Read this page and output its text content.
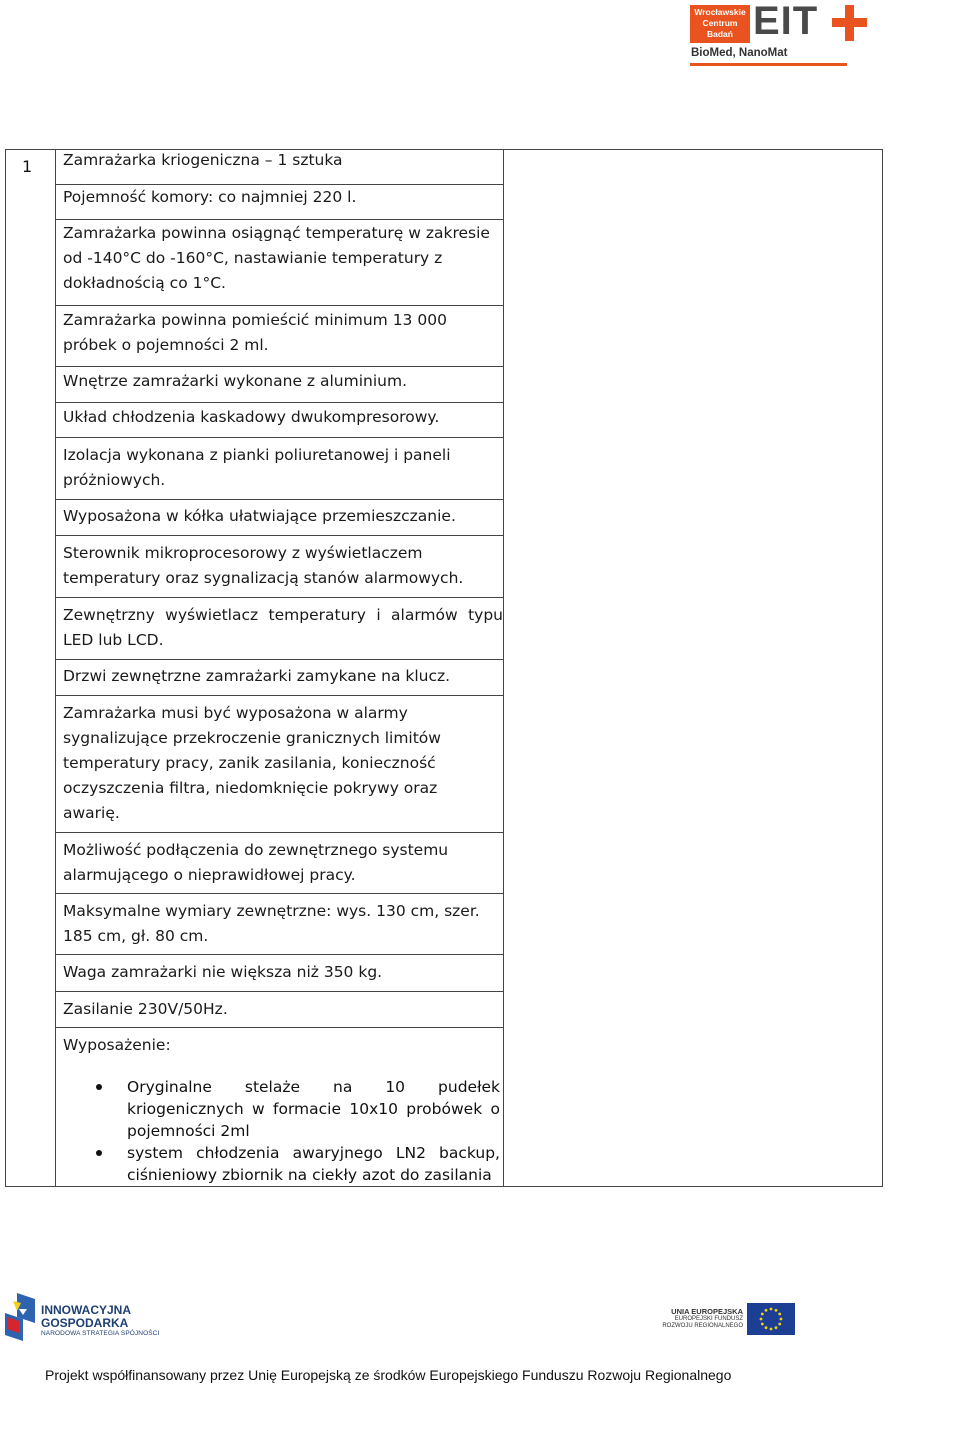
Wrocławskie
Centrum
Badań EIT
BioMed, NanoMat
1 Zamrażarka kriogeniczna – 1 sztuka
Pojemność komory: co najmniej 220 l.
Zamrażarka powinna osiągnąć temperaturę w zakresie
od -140°C do -160°C, nastawianie temperatury z
dokładnością co 1°C.
Zamrażarka powinna pomieścić minimum 13 000
próbek o pojemności 2 ml.
Wnętrze zamrażarki wykonane z aluminium.
Układ chłodzenia kaskadowy dwukompresorowy.
Izolacja wykonana z pianki poliuretanowej i paneli
próżniowych.
Wyposażona w kółka ułatwiające przemieszczanie.
Sterownik mikroprocesorowy z wyświetlaczem
temperatury oraz sygnalizacją stanów alarmowych.
Zewnętrzny wyświetlacz temperatury i alarmów typu
LED lub LCD.
Drzwi zewnętrzne zamrażarki zamykane na klucz.
Zamrażarka musi być wyposażona w alarmy
sygnalizujące przekroczenie granicznych limitów
temperatury pracy, zanik zasilania, konieczność
oczyszczenia filtra, niedomknięcie pokrywy oraz
awarię.
Możliwość podłączenia do zewnętrznego systemu
alarmującego o nieprawidłowej pracy.
Maksymalne wymiary zewnętrzne: wys. 130 cm, szer.
185 cm, gł. 80 cm.
Waga zamrażarki nie większa niż 350 kg.
Zasilanie 230V/50Hz.
Wyposażenie:
Oryginalne stelaże na 10 pudełek kriogenicznych w formacie 10x10 probówek o pojemności 2ml
system chłodzenia awaryjnego LN2 backup, ciśnieniowy zbiornik na ciekły azot do zasilania
INNOWACYJNA
GOSPODARKA
NARODOWA STRATEGIA SPÓJNOŚCI
UNIA EUROPEJSKA
EUROPEJSKI FUNDUSZ
ROZWOJU REGIONALNEGO
Projekt współfinansowany przez Unię Europejską ze środków Europejskiego Funduszu Rozwoju Regionalnego
